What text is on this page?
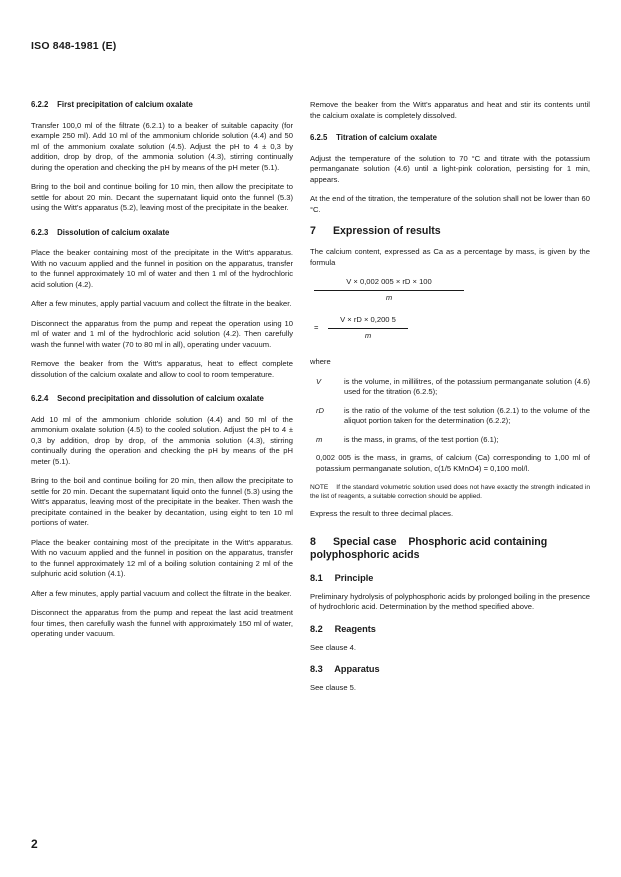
ISO 848-1981 (E)
6.2.2 First precipitation of calcium oxalate

Transfer 100,0 ml of the filtrate (6.2.1) to a beaker of suitable capacity (for example 250 ml). Add 10 ml of the ammonium chloride solution (4.4) and 50 ml of the ammonium oxalate solution (4.5). Adjust the pH to 4 ± 0,3 by addition, drop by drop, of the ammonia solution (4.3), stirring continually during the operation and checking the pH by means of the pH meter (5.1).

Bring to the boil and continue boiling for 10 min, then allow the precipitate to settle for about 20 min. Decant the supernatant liquid onto the funnel (5.3) using the Witt's apparatus (5.2), leaving most of the precipitate in the beaker.

6.2.3 Dissolution of calcium oxalate

Place the beaker containing most of the precipitate in the Witt's apparatus. With no vacuum applied and the funnel in position on the apparatus, transfer to the funnel approximately 10 ml of water and then 1 ml of the hydrochloric acid solution (4.2).

After a few minutes, apply partial vacuum and collect the filtrate in the beaker.

Disconnect the apparatus from the pump and repeat the operation using 10 ml of water and 1 ml of the hydrochloric acid solution (4.2). Then carefully wash the funnel with water (70 to 80 ml in all), operating under vacuum.

Remove the beaker from the Witt's apparatus, heat to effect complete dissolution of the calcium oxalate and allow to cool to room temperature.

6.2.4 Second precipitation and dissolution of calcium oxalate

Add 10 ml of the ammonium chloride solution (4.4) and 50 ml of the ammonium oxalate solution (4.5) to the cooled solution. Adjust the pH to 4 ± 0,3 by addition, drop by drop, of the ammonia solution (4.3), stirring continually during the operation and checking the pH by means of the pH meter (5.1).

Bring to the boil and continue boiling for 20 min, then allow the precipitate to settle for 20 min. Decant the supernatant liquid onto the funnel (5.3) using the Witt's apparatus, leaving most of the precipitate in the beaker. Then wash the precipitate contained in the beaker by decantation, using eight to ten 10 ml portions of water.

Place the beaker containing most of the precipitate in the Witt's apparatus. With no vacuum applied and the funnel in position on the apparatus, transfer to the funnel approximately 12 ml of a boiling solution containing 2 ml of the sulphuric acid solution (4.1).

After a few minutes, apply partial vacuum and collect the filtrate in the beaker.

Disconnect the apparatus from the pump and repeat the last acid treatment four times, then carefully wash the funnel with approximately 150 ml of water, operating under vacuum.

Remove the beaker from the Witt's apparatus and heat and stir its contents until the calcium oxalate is completely dissolved.

6.2.5 Titration of calcium oxalate

Adjust the temperature of the solution to 70 °C and titrate with the potassium permanganate solution (4.6) until a light-pink coloration, persisting for 1 min, appears.

At the end of the titration, the temperature of the solution shall not be lower than 60 °C.

7 Expression of results

The calcium content, expressed as Ca as a percentage by mass, is given by the formula

$\frac{V \times 0,002 005 \times rD \times 100}{m}$
= $\frac{V \times rD \times 0,200 5}{m}$

where

V	is the volume, in millilitres, of the potassium permanganate solution (4.6) used for the titration (6.2.5);
rD	is the ratio of the volume of the test solution (6.2.1) to the volume of the aliquot portion taken for the determination (6.2.2);
m	is the mass, in grams, of the test portion (6.1);

0,002 005 is the mass, in grams, of calcium (Ca) corresponding to 1,00 ml of potassium permanganate solution, c(1/5 KMnO4) = 0,100 mol/l.

NOTE If the standard volumetric solution used does not have exactly the strength indicated in the list of reagents, a suitable correction should be applied.

Express the result to three decimal places.

8 Special case Phosphoric acid containing polyphosphoric acids
8.1 Principle

Preliminary hydrolysis of polyphosphoric acids by prolonged boiling in the presence of hydrochloric acid. Determination by the method specified above.

8.2 Reagents

See clause 4.

8.3 Apparatus

See clause 5.

2
